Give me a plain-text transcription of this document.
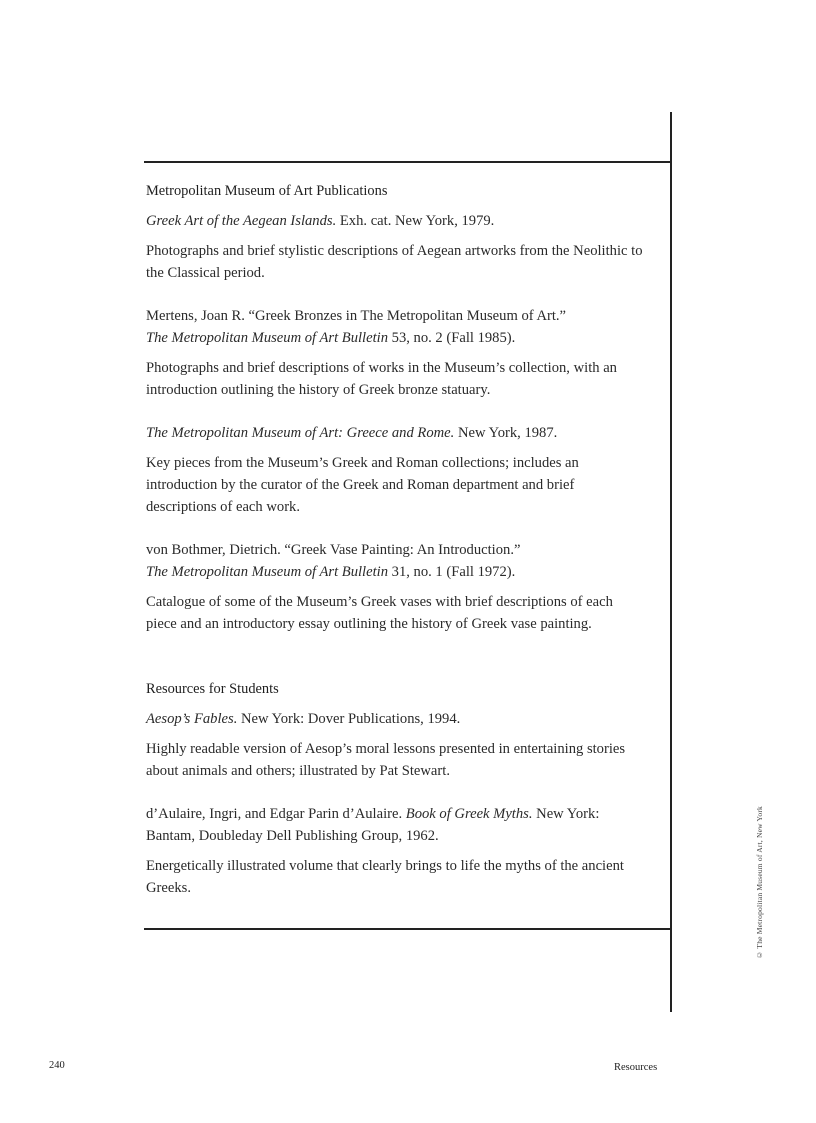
Metropolitan Museum of Art Publications

Greek Art of the Aegean Islands. Exh. cat. New York, 1979.

Photographs and brief stylistic descriptions of Aegean artworks from the Neolithic to the Classical period.

Mertens, Joan R. “Greek Bronzes in The Metropolitan Museum of Art.”

The Metropolitan Museum of Art Bulletin 53, no. 2 (Fall 1985).

Photographs and brief descriptions of works in the Museum’s collection, with an introduction outlining the history of Greek bronze statuary.

The Metropolitan Museum of Art: Greece and Rome. New York, 1987.

Key pieces from the Museum’s Greek and Roman collections; includes an introduction by the curator of the Greek and Roman department and brief descriptions of each work.

von Bothmer, Dietrich. “Greek Vase Painting: An Introduction.”

The Metropolitan Museum of Art Bulletin 31, no. 1 (Fall 1972).

Catalogue of some of the Museum’s Greek vases with brief descriptions of each piece and an introductory essay outlining the history of Greek vase painting.

Resources for Students

Aesop’s Fables. New York: Dover Publications, 1994.

Highly readable version of Aesop’s moral lessons presented in entertaining stories about animals and others; illustrated by Pat Stewart.

d’Aulaire, Ingri, and Edgar Parin d’Aulaire. Book of Greek Myths. New York: Bantam, Doubleday Dell Publishing Group, 1962.

Energetically illustrated volume that clearly brings to life the myths of the ancient Greeks.	© The Metropolitan Museum of Art, New York
240	Resources
